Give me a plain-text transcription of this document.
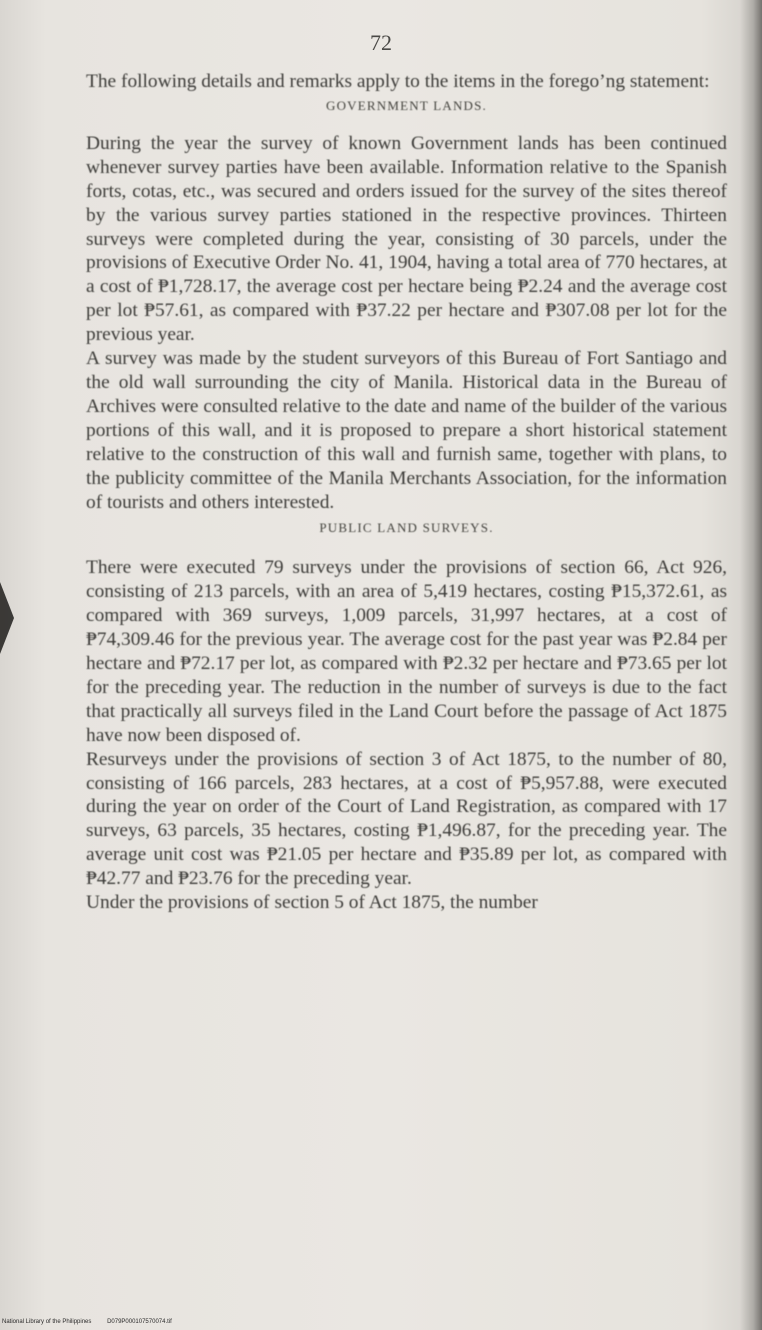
72

The following details and remarks apply to the items in the forego’ng statement:

GOVERNMENT LANDS.

During the year the survey of known Government lands has been continued whenever survey parties have been available. Information relative to the Spanish forts, cotas, etc., was secured and orders issued for the survey of the sites thereof by the various survey parties stationed in the respective provinces. Thirteen surveys were completed during the year, consisting of 30 parcels, under the provisions of Executive Order No. 41, 1904, having a total area of 770 hectares, at a cost of ₱1,728.17, the average cost per hectare being ₱2.24 and the average cost per lot ₱57.61, as compared with ₱37.22 per hectare and ₱307.08 per lot for the previous year.

A survey was made by the student surveyors of this Bureau of Fort Santiago and the old wall surrounding the city of Manila. Historical data in the Bureau of Archives were consulted relative to the date and name of the builder of the various portions of this wall, and it is proposed to prepare a short historical statement relative to the construction of this wall and furnish same, together with plans, to the publicity committee of the Manila Merchants Association, for the information of tourists and others interested.

PUBLIC LAND SURVEYS.

There were executed 79 surveys under the provisions of section 66, Act 926, consisting of 213 parcels, with an area of 5,419 hectares, costing ₱15,372.61, as compared with 369 surveys, 1,009 parcels, 31,997 hectares, at a cost of ₱74,309.46 for the previous year. The average cost for the past year was ₱2.84 per hectare and ₱72.17 per lot, as compared with ₱2.32 per hectare and ₱73.65 per lot for the preceding year. The reduction in the number of surveys is due to the fact that practically all surveys filed in the Land Court before the passage of Act 1875 have now been disposed of.

Resurveys under the provisions of section 3 of Act 1875, to the number of 80, consisting of 166 parcels, 283 hectares, at a cost of ₱5,957.88, were executed during the year on order of the Court of Land Registration, as compared with 17 surveys, 63 parcels, 35 hectares, costing ₱1,496.87, for the preceding year. The average unit cost was ₱21.05 per hectare and ₱35.89 per lot, as compared with ₱42.77 and ₱23.76 for the preceding year.

Under the provisions of section 5 of Act 1875, the number

National Library of the Philippines	D079P000107570074.tif
